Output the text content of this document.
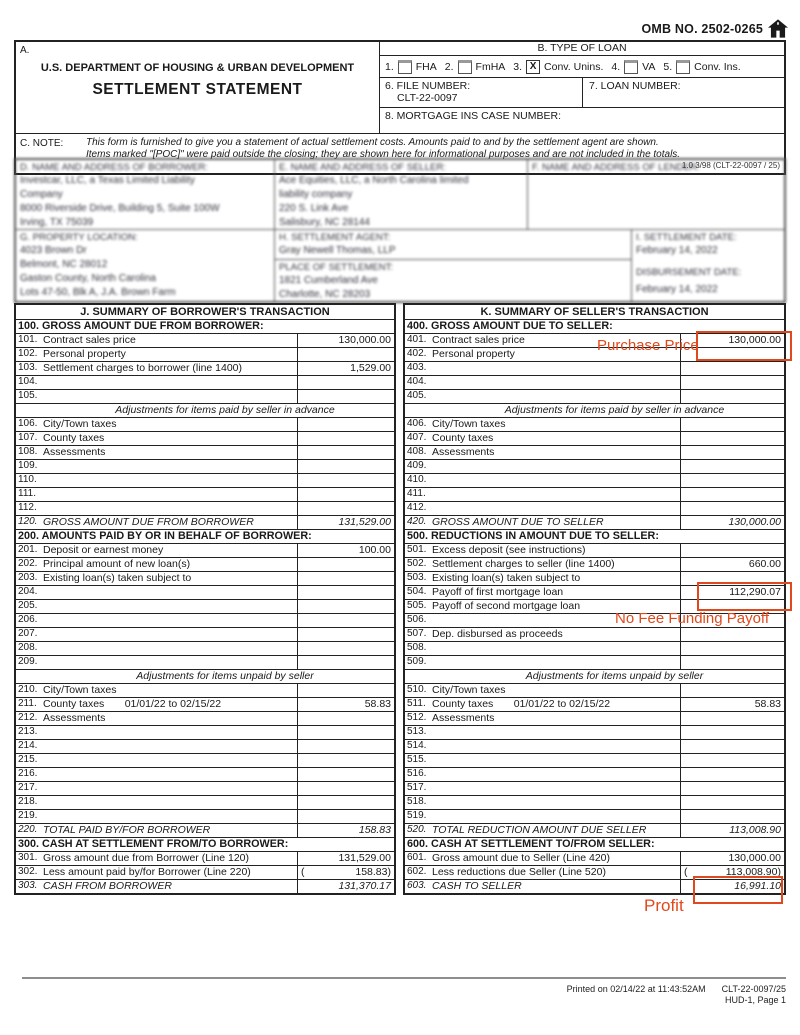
OMB NO. 2502-0265
A.
U.S. DEPARTMENT OF HOUSING & URBAN DEVELOPMENT
SETTLEMENT STATEMENT
B. TYPE OF LOAN
1. FHA 2. FmHA 3. X Conv. Unins. 4. VA 5. Conv. Ins.
6. FILE NUMBER:
CLT-22-0097
7. LOAN NUMBER:
8. MORTGAGE INS CASE NUMBER:
C. NOTE:	This form is furnished to give you a statement of actual settlement costs. Amounts paid to and by the settlement agent are shown.
Items marked "[POC]" were paid outside the closing; they are shown here for informational purposes and are not included in the totals.
1.0 3/98 (CLT-22-0097 / 25)
D. NAME AND ADDRESS OF BORROWER:
Investcar, LLC, a Texas Limited Liability
Company
8000 Riverside Drive, Building 5, Suite 100W
Irving, TX 75039
E. NAME AND ADDRESS OF SELLER:
Ace Equities, LLC, a North Carolina limited
liability company
220 S. Link Ave
Salisbury, NC 28144
F. NAME AND ADDRESS OF LENDER:
G. PROPERTY LOCATION:
4023 Brown Dr
Belmont, NC 28012
Gaston County, North Carolina
Lots 47-50, Blk A, J.A. Brown Farm
H. SETTLEMENT AGENT:
Gray Newell Thomas, LLP
PLACE OF SETTLEMENT:
1821 Cumberland Ave
Charlotte, NC 28203
I. SETTLEMENT DATE:
February 14, 2022
DISBURSEMENT DATE:
February 14, 2022
J. SUMMARY OF BORROWER'S TRANSACTION
100. GROSS AMOUNT DUE FROM BORROWER:
101. Contract sales price	130,000.00
102. Personal property
103. Settlement charges to borrower (line 1400)	1,529.00
104.
105.
Adjustments for items paid by seller in advance
106. City/Town taxes
107. County taxes
108. Assessments
109.
110.
111.
112.
120. GROSS AMOUNT DUE FROM BORROWER	131,529.00
200. AMOUNTS PAID BY OR IN BEHALF OF BORROWER:
201. Deposit or earnest money	100.00
202. Principal amount of new loan(s)
203. Existing loan(s) taken subject to
204.
205.
206.
207.
208.
209.
Adjustments for items unpaid by seller
210. City/Town taxes
211. County taxes       01/01/22 to 02/15/22	58.83
212. Assessments
213.
214.
215.
216.
217.
218.
219.
220. TOTAL PAID BY/FOR BORROWER	158.83
300. CASH AT SETTLEMENT FROM/TO BORROWER:
301. Gross amount due from Borrower (Line 120)	131,529.00
302. Less amount paid by/for Borrower (Line 220)	(	158.83)
303. CASH FROM BORROWER	131,370.17
K. SUMMARY OF SELLER'S TRANSACTION
400. GROSS AMOUNT DUE TO SELLER:
401. Contract sales price	130,000.00
402. Personal property
403.
404.
405.
Adjustments for items paid by seller in advance
406. City/Town taxes
407. County taxes
408. Assessments
409.
410.
411.
412.
420. GROSS AMOUNT DUE TO SELLER	130,000.00
500. REDUCTIONS IN AMOUNT DUE TO SELLER:
501. Excess deposit (see instructions)
502. Settlement charges to seller (line 1400)	660.00
503. Existing loan(s) taken subject to
504. Payoff of first mortgage loan	112,290.07
505. Payoff of second mortgage loan
506.
507. Dep. disbursed as proceeds
508.
509.
Adjustments for items unpaid by seller
510. City/Town taxes
511. County taxes       01/01/22 to 02/15/22	58.83
512. Assessments
513.
514.
515.
516.
517.
518.
519.
520. TOTAL REDUCTION AMOUNT DUE SELLER	113,008.90
600. CASH AT SETTLEMENT TO/FROM SELLER:
601. Gross amount due to Seller (Line 420)	130,000.00
602. Less reductions due Seller (Line 520)	(	113,008.90)
603. CASH TO SELLER	16,991.10
Purchase Price
No Fee Funding Payoff
Profit
Printed on 02/14/22 at 11:43:52AM CLT-22-0097/25
HUD-1, Page 1
